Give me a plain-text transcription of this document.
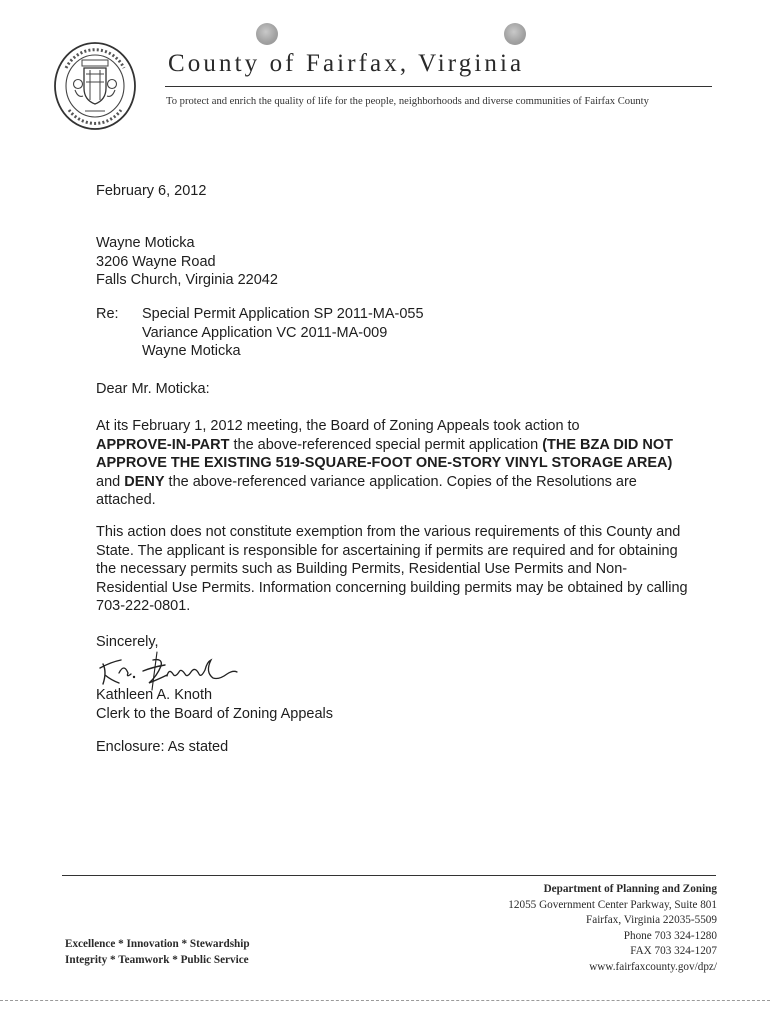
County of Fairfax, Virginia
To protect and enrich the quality of life for the people, neighborhoods and diverse communities of Fairfax County
February 6, 2012
Wayne Moticka
3206 Wayne Road
Falls Church, Virginia 22042
Re: Special Permit Application SP 2011-MA-055
Variance Application VC 2011-MA-009
Wayne Moticka
Dear Mr. Moticka:
At its February 1, 2012 meeting, the Board of Zoning Appeals took action to
APPROVE-IN-PART the above-referenced special permit application (THE BZA DID NOT APPROVE THE EXISTING 519-SQUARE-FOOT ONE-STORY VINYL STORAGE AREA) and DENY the above-referenced variance application. Copies of the Resolutions are attached.
This action does not constitute exemption from the various requirements of this County and State. The applicant is responsible for ascertaining if permits are required and for obtaining the necessary permits such as Building Permits, Residential Use Permits and Non-Residential Use Permits. Information concerning building permits may be obtained by calling 703-222-0801.
Sincerely,
Kathleen A. Knoth
Clerk to the Board of Zoning Appeals
Enclosure: As stated
Department of Planning and Zoning
12055 Government Center Parkway, Suite 801
Fairfax, Virginia 22035-5509
Phone 703 324-1280
FAX 703 324-1207
www.fairfaxcounty.gov/dpz/
Excellence * Innovation * Stewardship
Integrity * Teamwork * Public Service
